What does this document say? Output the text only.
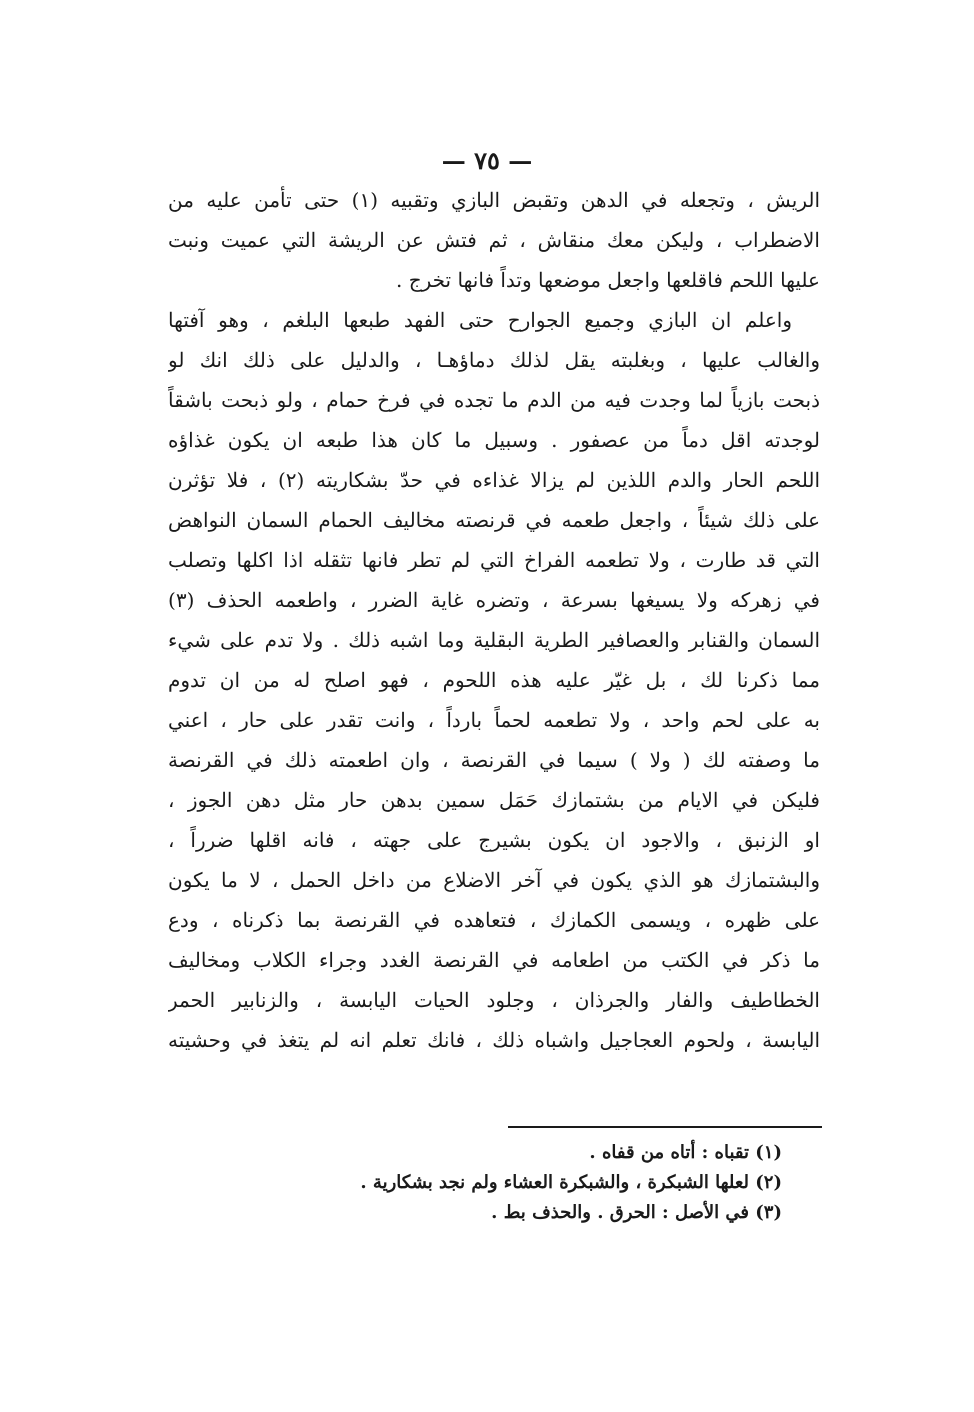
— ٧٥ —
الريش ، وتجعله في الدهن وتقبض البازي وتقبيه (١) حتى تأمن عليه من
الاضطراب ، وليكن معك منقاش ، ثم فتش عن الريشة التي عميت ونبت
عليها اللحم فاقلعها واجعل موضعها وتداً فانها تخرج .
واعلم ان البازي وجميع الجوارح حتى الفهد طبعها البلغم ، وهو آفتها
والغالب عليها ، وبغلبته يقل لذلك دماؤهـا ، والدليل على ذلك انك لو
ذبحت بازياً لما وجدت فيه من الدم ما تجده في فرخ حمام ، ولو ذبحت باشقاً
لوجدته اقل دماً من عصفور . وسبيل ما كان هذا طبعه ان يكون غذاؤه
اللحم الحار والدم اللذين لم يزالا غذاءه في حدّ بشكاريته (٢) ، فلا تؤثرن
على ذلك شيئاً ، واجعل طعمه في قرنصته مخاليف الحمام السمان النواهض
التي قد طارت ، ولا تطعمه الفراخ التي لم تطر فانها تثقله اذا اكلها وتصلب
في زهركه ولا يسيغها بسرعة ، وتضره غاية الضرر ، واطعمه الحذف (٣)
السمان والقنابر والعصافير الطرية البقلية وما اشبه ذلك . ولا تدم على شيء
مما ذكرنا لك ، بل غيّر عليه هذه اللحوم ، فهو اصلح له من ان تدوم
به على لحم واحد ، ولا تطعمه لحماً بارداً ، وانت تقدر على حار ، اعني
ما وصفته لك ( ولا ) سيما في القرنصة ، وان اطعمته ذلك في القرنصة
فليكن في الايام من بشتمازك حَمَل سمين بدهن حار مثل دهن الجوز ،
او الزنبق ، والاجود ان يكون بشيرج على جهته ، فانه اقلها ضرراً ،
والبشتمازك هو الذي يكون في آخر الاضلاع من داخل الحمل ، لا ما يكون
على ظهره ، ويسمى الكمازك ، فتعاهده في القرنصة بما ذكرناه ، ودع
ما ذكر في الكتب من اطعامه في القرنصة الغدد وجراء الكلاب ومخاليف
الخطاطيف والفار والجرذان ، وجلود الحيات اليابسة ، والزنابير الحمر
اليابسة ، ولحوم العجاجيل واشباه ذلك ، فانك تعلم انه لم يتغذ في وحشيته
(١) تقباه : أتاه من قفاه .
(٢) لعلها الشبكرة ، والشبكرة العشاء ولم نجد بشكارية .
(٣) في الأصل : الحرق . والحذف بط .
